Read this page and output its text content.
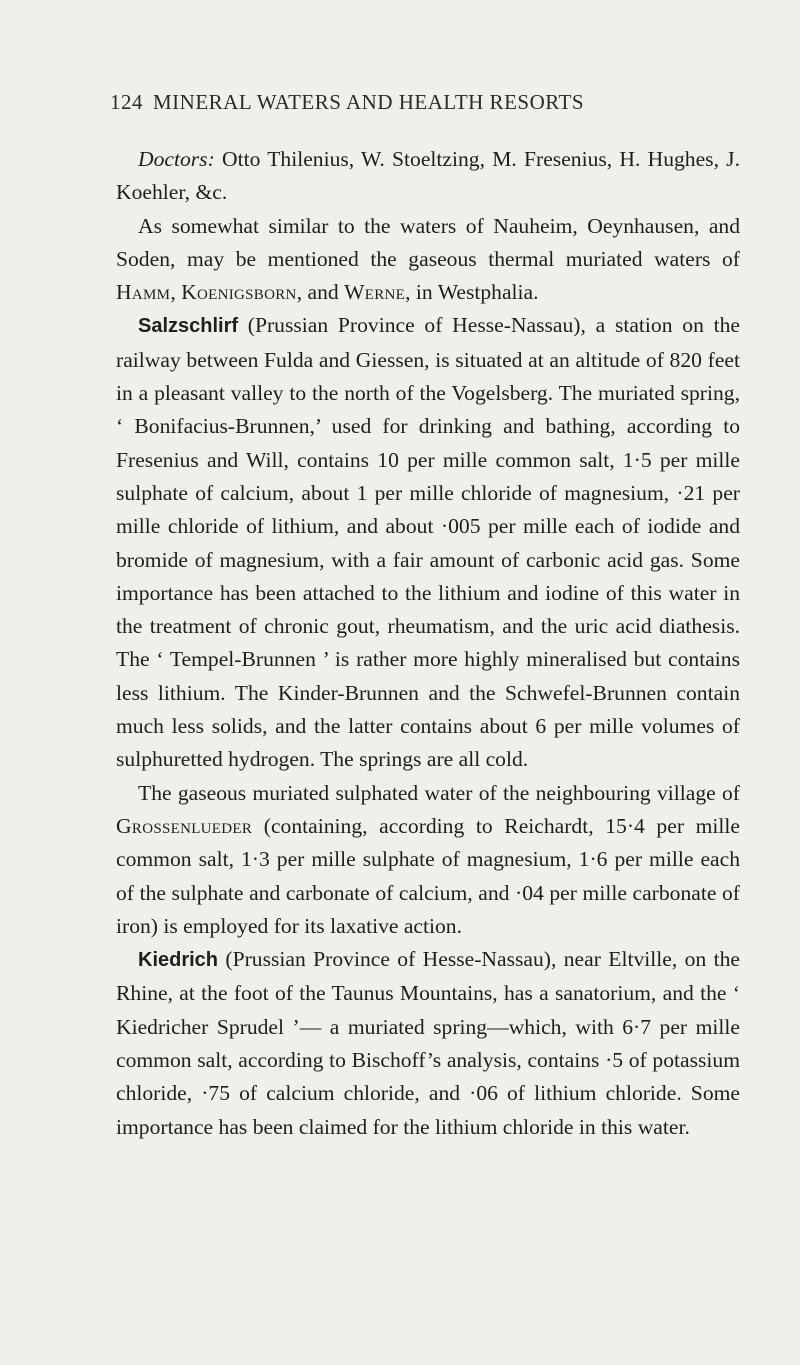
124 MINERAL WATERS AND HEALTH RESORTS

Doctors: Otto Thilenius, W. Stoeltzing, M. Fresenius, H. Hughes, J. Koehler, &c.

As somewhat similar to the waters of Nauheim, Oeynhausen, and Soden, may be mentioned the gaseous thermal muriated waters of Hamm, Koenigsborn, and Werne, in Westphalia.

Salzschlirf (Prussian Province of Hesse-Nassau), a station on the railway between Fulda and Giessen, is situated at an altitude of 820 feet in a pleasant valley to the north of the Vogelsberg. The muriated spring, ‘ Bonifacius-Brunnen,’ used for drinking and bathing, according to Fresenius and Will, contains 10 per mille common salt, 1·5 per mille sulphate of calcium, about 1 per mille chloride of magnesium, ·21 per mille chloride of lithium, and about ·005 per mille each of iodide and bromide of magnesium, with a fair amount of carbonic acid gas. Some importance has been attached to the lithium and iodine of this water in the treatment of chronic gout, rheumatism, and the uric acid diathesis. The ‘ Tempel-Brunnen ’ is rather more highly mineralised but contains less lithium. The Kinder-Brunnen and the Schwefel-Brunnen contain much less solids, and the latter contains about 6 per mille volumes of sulphuretted hydrogen. The springs are all cold.

The gaseous muriated sulphated water of the neighbouring village of Grossenlueder (containing, according to Reichardt, 15·4 per mille common salt, 1·3 per mille sulphate of magnesium, 1·6 per mille each of the sulphate and carbonate of calcium, and ·04 per mille carbonate of iron) is employed for its laxative action.

Kiedrich (Prussian Province of Hesse-Nassau), near Eltville, on the Rhine, at the foot of the Taunus Mountains, has a sanatorium, and the ‘ Kiedricher Sprudel ’— a muriated spring—which, with 6·7 per mille common salt, according to Bischoff’s analysis, contains ·5 of potassium chloride, ·75 of calcium chloride, and ·06 of lithium chloride. Some importance has been claimed for the lithium chloride in this water.
